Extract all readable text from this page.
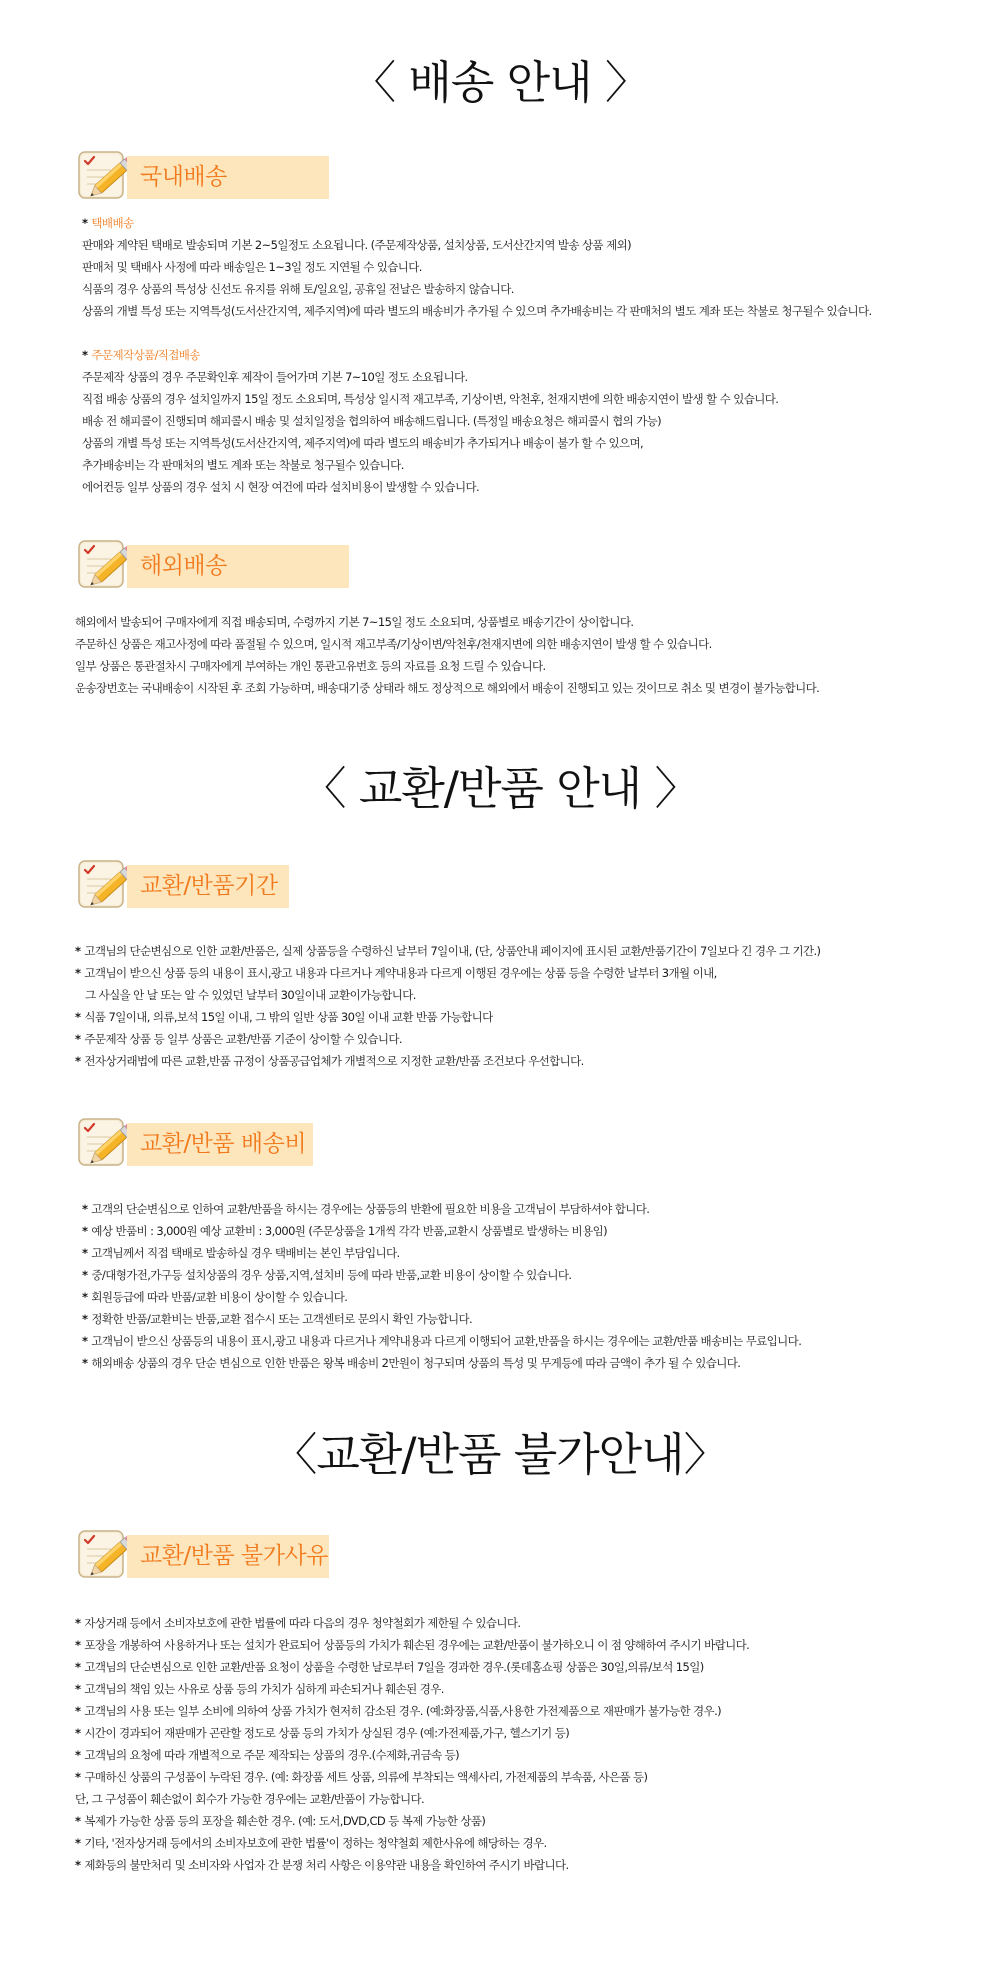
〈 배송 안내 〉
국내배송
* 택배배송
판매와 계약된 택배로 발송되며 기본 2~5일정도 소요됩니다. (주문제작상품, 설치상품, 도서산간지역 발송 상품 제외)
판매처 및 택배사 사정에 따라 배송일은 1~3일 정도 지연될 수 있습니다.
식품의 경우 상품의 특성상 신선도 유지를 위해 토/일요일, 공휴일 전날은 발송하지 않습니다.
상품의 개별 특성 또는 지역특성(도서산간지역, 제주지역)에 따라 별도의 배송비가 추가될 수 있으며 추가배송비는 각 판매처의 별도 계좌 또는 착불로 청구될수 있습니다.
* 주문제작상품/직접배송
주문제작 상품의 경우 주문확인후 제작이 들어가며 기본 7~10일 정도 소요됩니다.
직접 배송 상품의 경우 설치일까지 15일 정도 소요되며, 특성상 일시적 재고부족, 기상이변, 악천후, 천재지변에 의한 배송지연이 발생 할 수 있습니다.
배송 전 해피콜이 진행되며 해피콜시 배송 및 설치일정을 협의하여 배송해드립니다. (특정일 배송요청은 해피콜시 협의 가능)
상품의 개별 특성 또는 지역특성(도서산간지역, 제주지역)에 따라 별도의 배송비가 추가되거나 배송이 불가 할 수 있으며,
추가배송비는 각 판매처의 별도 계좌 또는 착불로 청구될수 있습니다.
에어컨등 일부 상품의 경우 설치 시 현장 여건에 따라 설치비용이 발생할 수 있습니다.
해외배송
해외에서 발송되어 구매자에게 직접 배송되며, 수령까지 기본 7~15일 정도 소요되며, 상품별로 배송기간이 상이합니다.
주문하신 상품은 재고사정에 따라 품절될 수 있으며, 일시적 재고부족/기상이변/악천후/천재지변에 의한 배송지연이 발생 할 수 있습니다.
일부 상품은 통관절차시 구매자에게 부여하는 개인 통관고유번호 등의 자료를 요청 드릴 수 있습니다.
운송장번호는 국내배송이 시작된 후 조회 가능하며, 배송대기중 상태라 해도 정상적으로 해외에서 배송이 진행되고 있는 것이므로 취소 및 변경이 불가능합니다.
〈 교환/반품 안내 〉
교환/반품기간
* 고객님의 단순변심으로 인한 교환/반품은, 실제 상품등을 수령하신 날부터 7일이내, (단, 상품안내 페이지에 표시된 교환/반품기간이 7일보다 긴 경우 그 기간.)
* 고객님이 받으신 상품 등의 내용이 표시,광고 내용과 다르거나 계약내용과 다르게 이행된 경우에는 상품 등을 수령한 날부터 3개월 이내,
그 사실을 안 날 또는 알 수 있었던 날부터 30일이내 교환이가능합니다.
* 식품 7일이내, 의류,보석 15일 이내, 그 밖의 일반 상품 30일 이내 교환 반품 가능합니다
* 주문제작 상품 등 일부 상품은 교환/반품 기준이 상이할 수 있습니다.
* 전자상거래법에 따른 교환,반품 규정이 상품공급업체가 개별적으로 지정한 교환/반품 조건보다 우선합니다.
교환/반품 배송비
* 고객의 단순변심으로 인하여 교환/반품을 하시는 경우에는 상품등의 반환에 필요한 비용을 고객님이 부담하셔야 합니다.
* 예상 반품비 : 3,000원 예상 교환비 : 3,000원 (주문상품을 1개씩 각각 반품,교환시 상품별로 발생하는 비용임)
* 고객님께서 직접 택배로 발송하실 경우 택배비는 본인 부담입니다.
* 중/대형가전,가구등 설치상품의 경우 상품,지역,설치비 등에 따라 반품,교환 비용이 상이할 수 있습니다.
* 회원등급에 따라 반품/교환 비용이 상이할 수 있습니다.
* 정확한 반품/교환비는 반품,교환 접수시 또는 고객센터로 문의시 확인 가능합니다.
* 고객님이 받으신 상품등의 내용이 표시,광고 내용과 다르거나 계약내용과 다르게 이행되어 교환,반품을 하시는 경우에는 교환/반품 배송비는 무료입니다.
* 해외배송 상품의 경우 단순 변심으로 인한 반품은 왕복 배송비 2만원이 청구되며 상품의 특성 및 무게등에 따라 금액이 추가 될 수 있습니다.
〈교환/반품 불가안내〉
교환/반품 불가사유
* 자상거래 등에서 소비자보호에 관한 법률에 따라 다음의 경우 청약철회가 제한될 수 있습니다.
* 포장을 개봉하여 사용하거나 또는 설치가 완료되어 상품등의 가치가 훼손된 경우에는 교환/반품이 불가하오니 이 점 양해하여 주시기 바랍니다.
* 고객님의 단순변심으로 인한 교환/반품 요청이 상품을 수령한 날로부터 7일을 경과한 경우.(롯데홈쇼핑 상품은 30일,의류/보석 15일)
* 고객님의 책임 있는 사유로 상품 등의 가치가 심하게 파손되거나 훼손된 경우.
* 고객님의 사용 또는 일부 소비에 의하여 상품 가치가 현저히 감소된 경우. (예:화장품,식품,사용한 가전제품으로 재판매가 불가능한 경우.)
* 시간이 경과되어 재판매가 곤란할 정도로 상품 등의 가치가 상실된 경우 (예:가전제품,가구, 헬스기기 등)
* 고객님의 요청에 따라 개별적으로 주문 제작되는 상품의 경우.(수제화,귀금속 등)
* 구매하신 상품의 구성품이 누락된 경우. (예: 화장품 세트 상품, 의류에 부착되는 액세사리, 가전제품의 부속품, 사은품 등)
단, 그 구성품이 훼손없이 회수가 가능한 경우에는 교환/반품이 가능합니다.
* 복제가 가능한 상품 등의 포장을 훼손한 경우. (예: 도서,DVD,CD 등 복제 가능한 상품)
* 기타, '전자상거래 등에서의 소비자보호에 관한 법률'이 정하는 청약철회 제한사유에 해당하는 경우.
* 제화등의 불만처리 및 소비자와 사업자 간 분쟁 처리 사항은 이용약관 내용을 확인하여 주시기 바랍니다.
